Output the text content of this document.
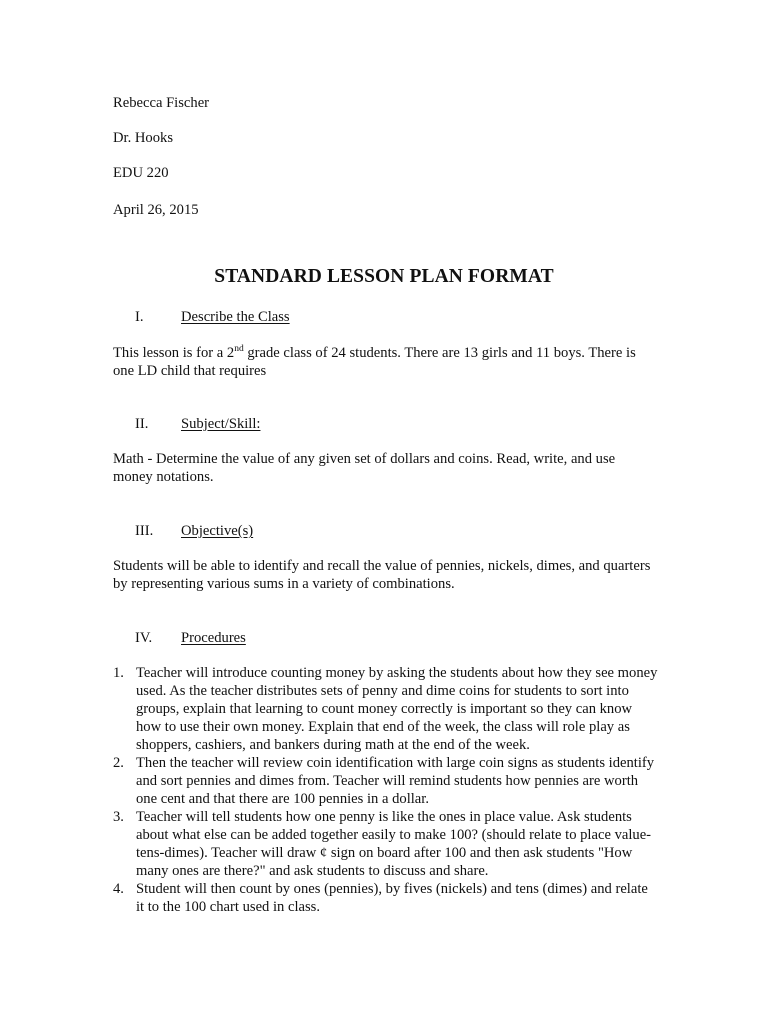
Rebecca Fischer
Dr. Hooks
EDU 220
April 26, 2015
STANDARD LESSON PLAN FORMAT
I.	Describe the Class
This lesson is for a 2nd grade class of 24 students. There are 13 girls and 11 boys. There is one LD child that requires
II. Subject/Skill:
Math - Determine the value of any given set of dollars and coins. Read, write, and use money notations.
III. Objective(s)
Students will be able to identify and recall the value of pennies, nickels, dimes, and quarters by representing various sums in a variety of combinations.
IV. Procedures
1. Teacher will introduce counting money by asking the students about how they see money used. As the teacher distributes sets of penny and dime coins for students to sort into groups, explain that learning to count money correctly is important so they can know how to use their own money. Explain that end of the week, the class will role play as shoppers, cashiers, and bankers during math at the end of the week.
2. Then the teacher will review coin identification with large coin signs as students identify and sort pennies and dimes from. Teacher will remind students how pennies are worth one cent and that there are 100 pennies in a dollar.
3. Teacher will tell students how one penny is like the ones in place value. Ask students about what else can be added together easily to make 100? (should relate to place value-tens-dimes). Teacher will draw ¢ sign on board after 100 and then ask students "How many ones are there?" and ask students to discuss and share.
4. Student will then count by ones (pennies), by fives (nickels) and tens (dimes) and relate it to the 100 chart used in class.
